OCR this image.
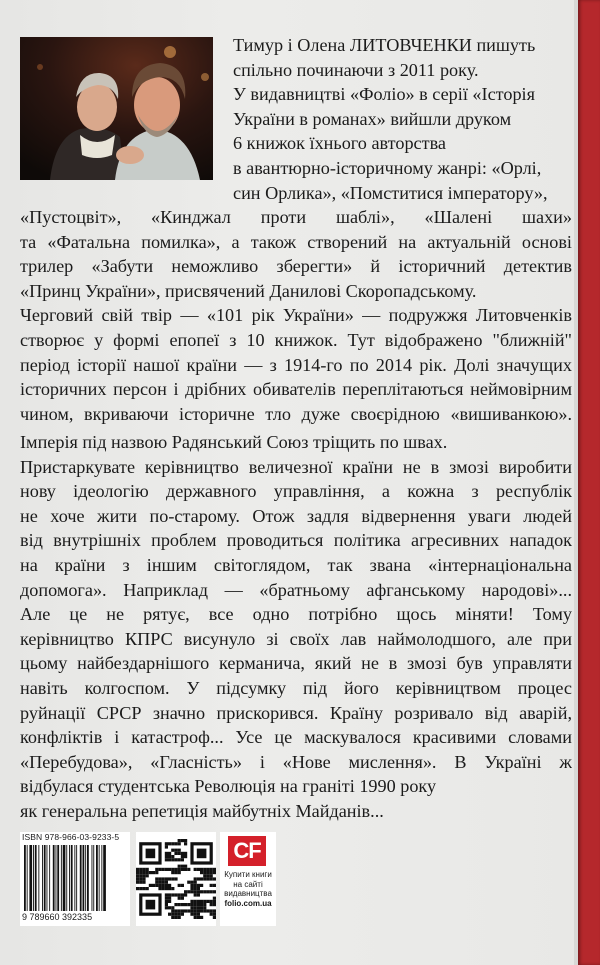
Тимур і Олена ЛИТОВЧЕНКИ пишуть
спільно починаючи з 2011 року.
У видавництві «Фоліо» в серії «Історія
України в романах» вийшли друком
6 книжок їхнього авторства
в авантюрно-історичному жанрі: «Орлі,
син Орлика», «Помститися імператору»,
«Пустоцвіт», «Кинджал проти шаблі», «Шалені шахи»
та «Фатальна помилка», а також створений на актуальній основі
трилер «Забути неможливо зберегти» й історичний детектив
«Принц України», присвячений Данилові Скоропадському.
Черговий свій твір — «101 рік України» — подружжя Литовченків
створює у формі епопеї з 10 книжок. Тут відображено "ближній"
період історії нашої країни — з 1914-го по 2014 рік. Долі значущих
історичних персон і дрібних обивателів переплітаються неймовірним
чином, вкриваючи історичне тло дуже своєрідною «вишиванкою».
Імперія під назвою Радянський Союз тріщить по швах.
Пристаркувате керівництво величезної країни не в змозі виробити
нову ідеологію державного управління, а кожна з республік
не хоче жити по-старому. Отож задля відвернення уваги людей
від внутрішніх проблем проводиться політика агресивних нападок
на країни з іншим світоглядом, так звана «інтернаціональна
допомога». Наприклад — «братньому афганському народові»...
Але це не рятує, все одно потрібно щось міняти! Тому
керівництво КПРС висунуло зі своїх лав наймолодшого, але при
цьому найбездарнішого керманича, який не в змозі був управляти
навіть колгоспом. У підсумку під його керівництвом процес
руйнації СРСР значно прискорився. Країну розривало від аварій,
конфліктів і катастроф... Усе це маскувалося красивими словами
«Перебудова», «Гласність» і «Нове мислення». В Україні ж
відбулася студентська Революція на граніті 1990 року
як генеральна репетиція майбутніх Майданів...
ISBN 978-966-03-9233-5
9 789660 392335
CF
Купити книги
на сайті
видавництва
folio.com.ua
